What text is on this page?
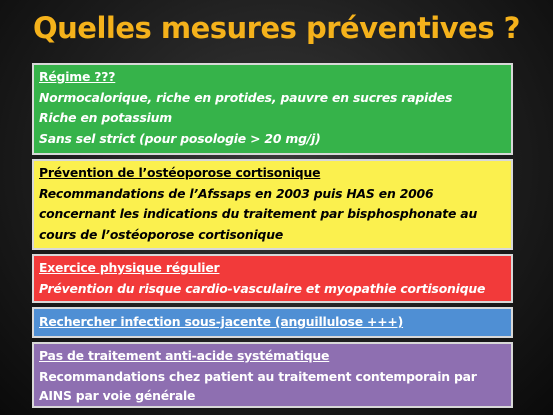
Quelles mesures préventives ?
Régime ???
Normocalorique, riche en protides, pauvre en sucres rapides
Riche en potassium
Sans sel strict (pour posologie > 20 mg/j)
Prévention de l’ostéoporose cortisonique
Recommandations de l’Afssaps en 2003 puis HAS en 2006
concernant les indications du traitement par bisphosphonate au
cours de l’ostéoporose cortisonique
Exercice physique régulier
Prévention du risque cardio-vasculaire et myopathie cortisonique
Rechercher infection sous-jacente (anguillulose +++)
Pas de traitement anti-acide systématique
Recommandations chez patient au traitement contemporain par
AINS par voie générale
